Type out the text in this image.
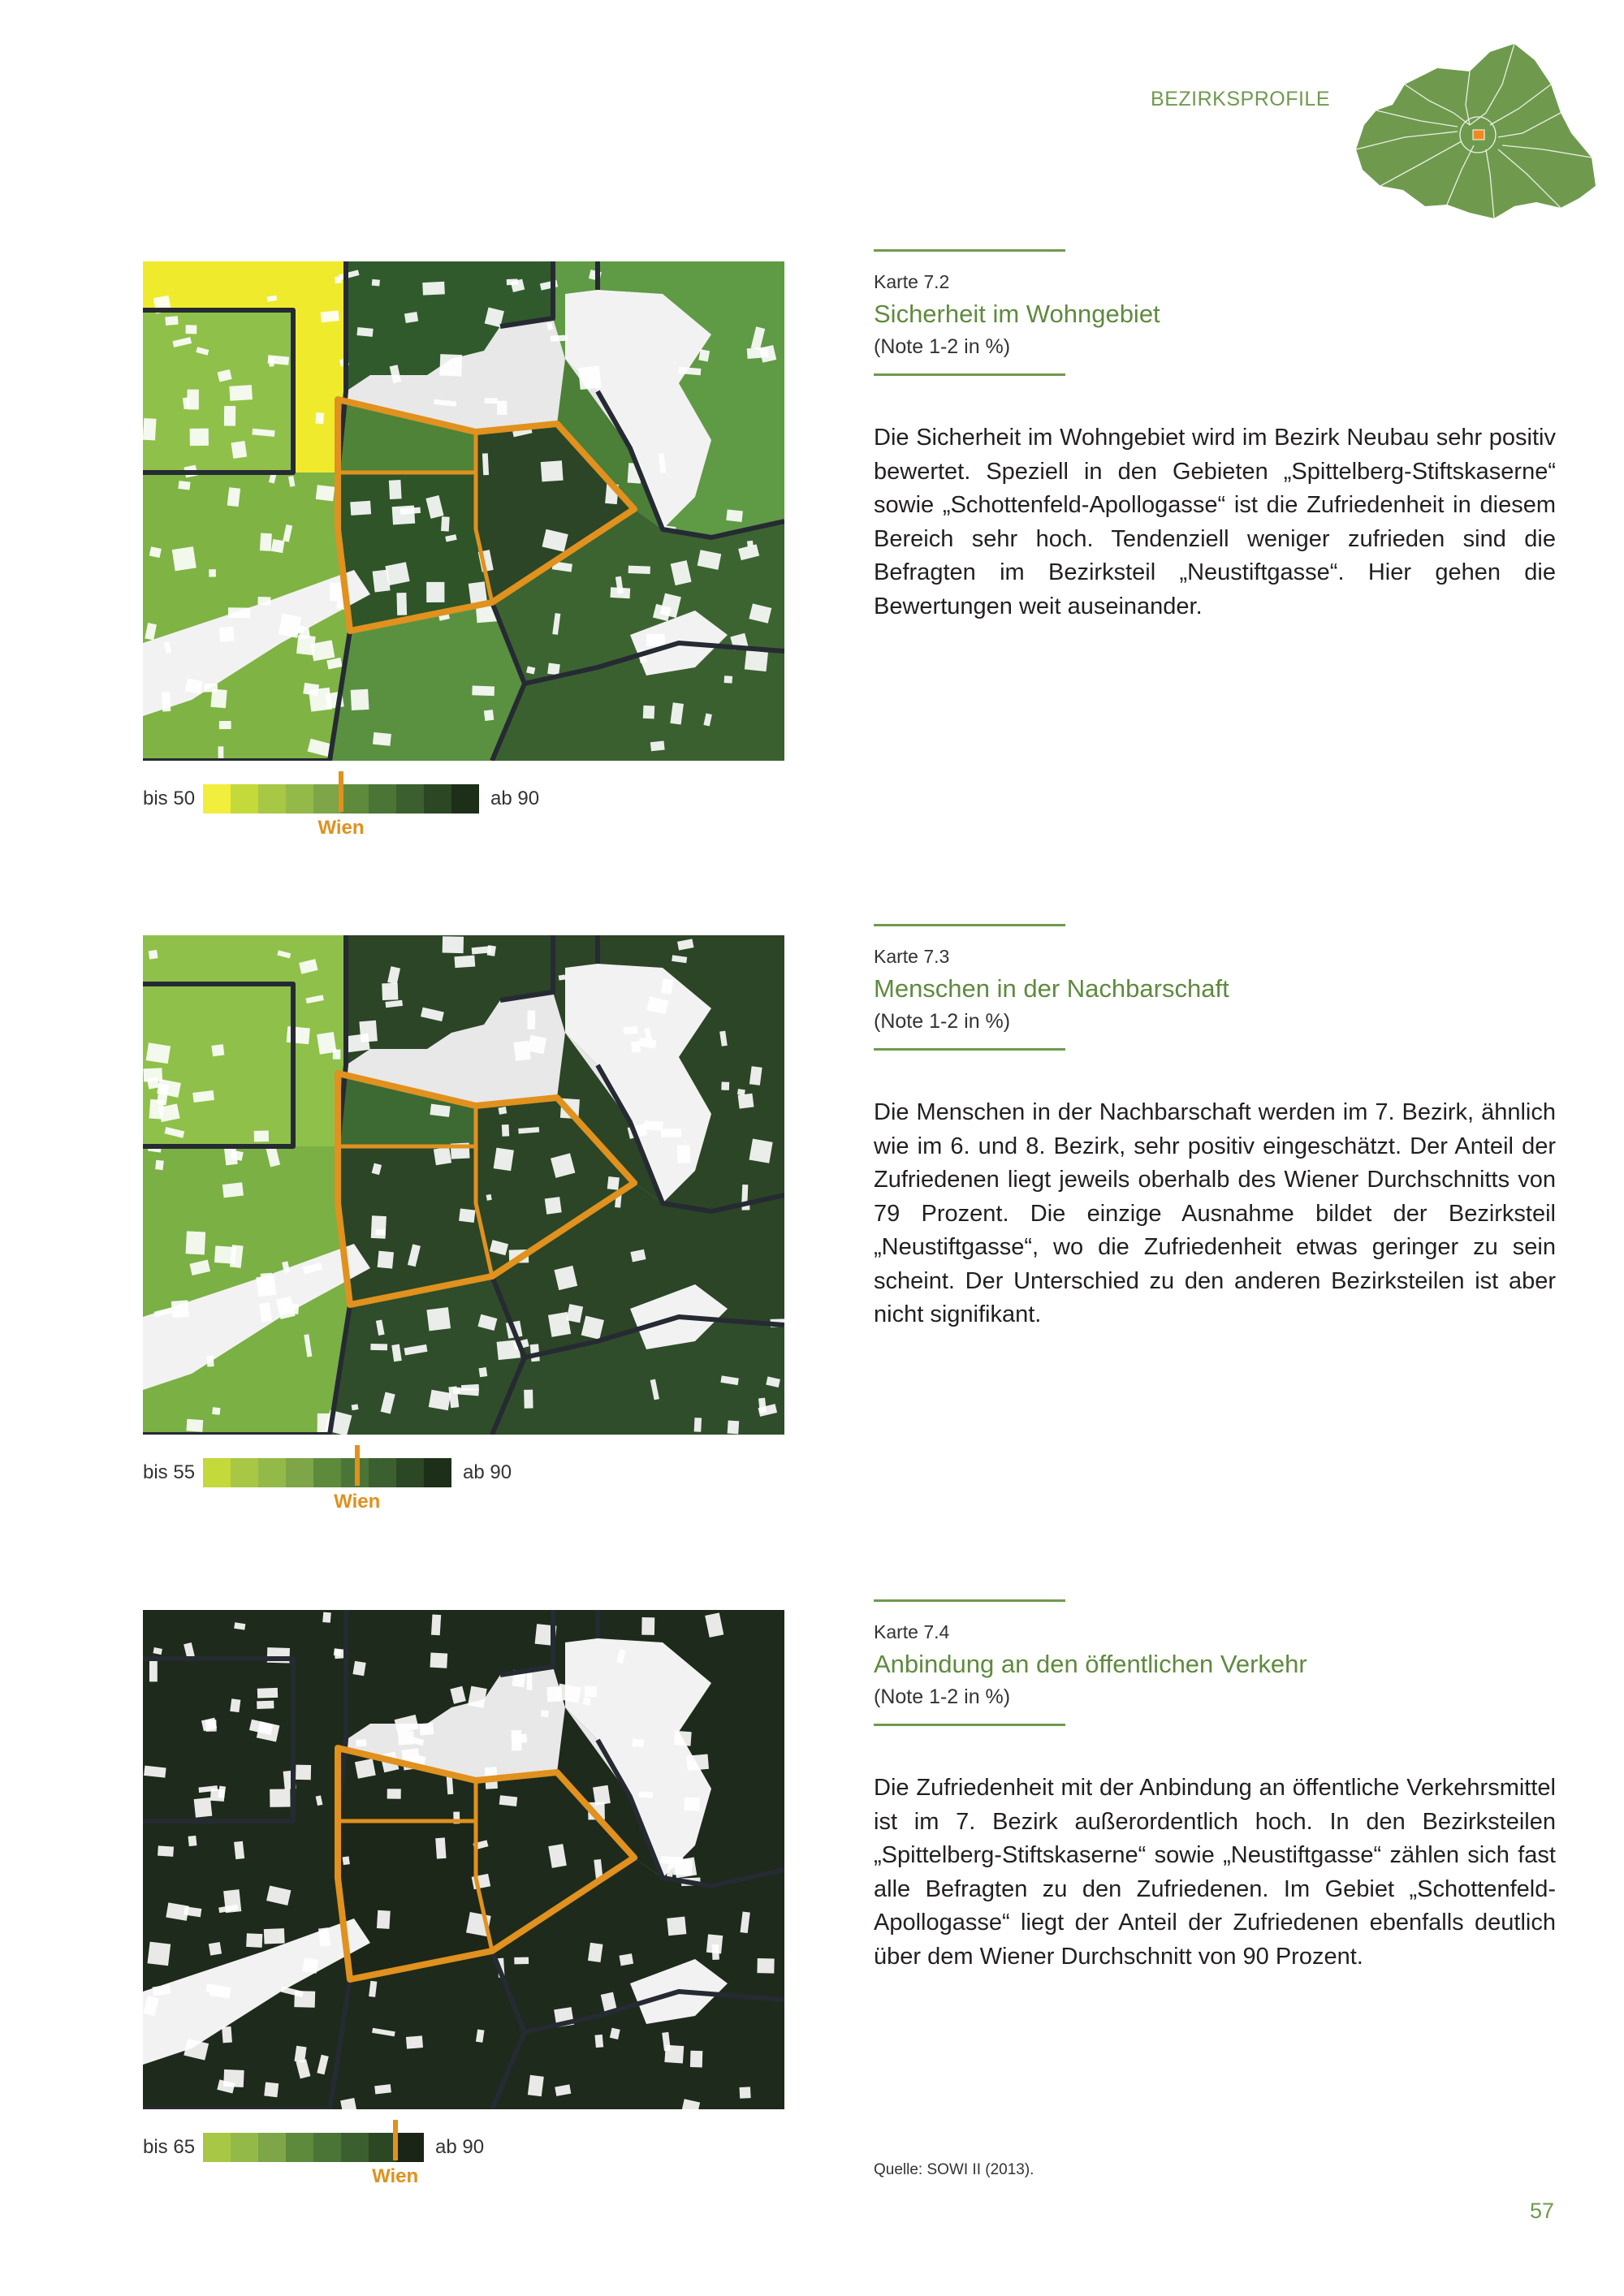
BEZIRKSPROFILE
bis 50	ab 90
Wien
Karte 7.2
Sicherheit im Wohngebiet
(Note 1-2 in %)
Die Sicherheit im Wohngebiet wird im Bezirk Neubau sehr positiv bewertet. Speziell in den Gebieten „Spittelberg-Stiftskaserne“ sowie „Schottenfeld-Apollogasse“ ist die Zufriedenheit in diesem Bereich sehr hoch. Tendenziell weniger zufrieden sind die Befragten im Bezirksteil „Neustiftgasse“. Hier gehen die Bewertungen weit auseinander.
bis 55	ab 90
Wien
Karte 7.3
Menschen in der Nachbarschaft
(Note 1-2 in %)
Die Menschen in der Nachbarschaft werden im 7. Bezirk, ähnlich wie im 6. und 8. Bezirk, sehr positiv eingeschätzt. Der Anteil der Zufriedenen liegt jeweils oberhalb des Wiener Durchschnitts von 79 Prozent. Die einzige Ausnahme bildet der Bezirksteil „Neustiftgasse“, wo die Zufriedenheit etwas geringer zu sein scheint. Der Unterschied zu den anderen Bezirksteilen ist aber nicht signifikant.
bis 65	ab 90
Wien
Karte 7.4
Anbindung an den öffentlichen Verkehr
(Note 1-2 in %)
Die Zufriedenheit mit der Anbindung an öffentliche Verkehrsmittel ist im 7. Bezirk außerordentlich hoch. In den Bezirksteilen „Spittelberg-Stiftskaserne“ sowie „Neustiftgasse“ zählen sich fast alle Befragten zu den Zufriedenen. Im Gebiet „Schottenfeld-Apollogasse“ liegt der Anteil der Zufriedenen ebenfalls deutlich über dem Wiener Durchschnitt von 90 Prozent.
Quelle: SOWI II (2013).
57
